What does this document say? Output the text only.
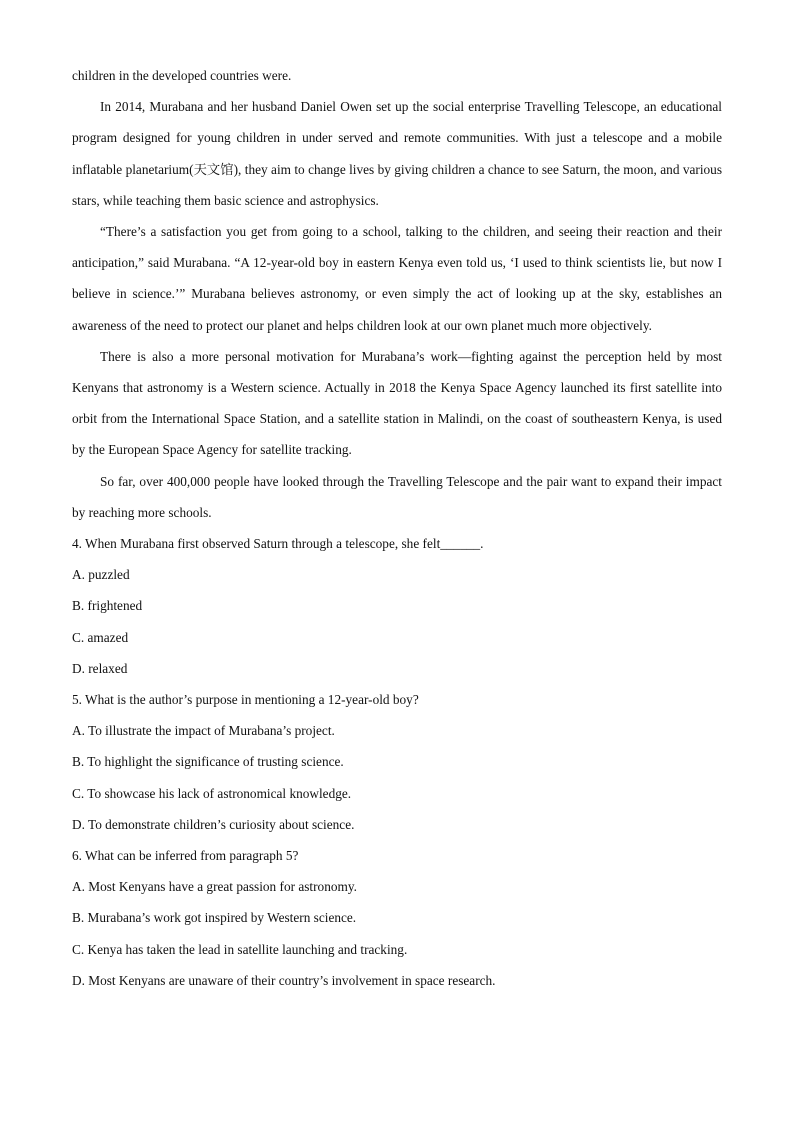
children in the developed countries were.

In 2014, Murabana and her husband Daniel Owen set up the social enterprise Travelling Telescope, an educational program designed for young children in under served and remote communities. With just a telescope and a mobile inflatable planetarium(天文馆), they aim to change lives by giving children a chance to see Saturn, the moon, and various stars, while teaching them basic science and astrophysics.

“There’s a satisfaction you get from going to a school, talking to the children, and seeing their reaction and their anticipation,” said Murabana. “A 12-year-old boy in eastern Kenya even told us, ‘I used to think scientists lie, but now I believe in science.’” Murabana believes astronomy, or even simply the act of looking up at the sky, establishes an awareness of the need to protect our planet and helps children look at our own planet much more objectively.

There is also a more personal motivation for Murabana’s work—fighting against the perception held by most Kenyans that astronomy is a Western science. Actually in 2018 the Kenya Space Agency launched its first satellite into orbit from the International Space Station, and a satellite station in Malindi, on the coast of southeastern Kenya, is used by the European Space Agency for satellite tracking.

So far, over 400,000 people have looked through the Travelling Telescope and the pair want to expand their impact by reaching more schools.

4. When Murabana first observed Saturn through a telescope, she felt______.

A. puzzled

B. frightened

C. amazed

D. relaxed

5. What is the author’s purpose in mentioning a 12-year-old boy?

A. To illustrate the impact of Murabana’s project.

B. To highlight the significance of trusting science.

C. To showcase his lack of astronomical knowledge.

D. To demonstrate children’s curiosity about science.

6. What can be inferred from paragraph 5?

A. Most Kenyans have a great passion for astronomy.

B. Murabana’s work got inspired by Western science.

C. Kenya has taken the lead in satellite launching and tracking.

D. Most Kenyans are unaware of their country’s involvement in space research.
